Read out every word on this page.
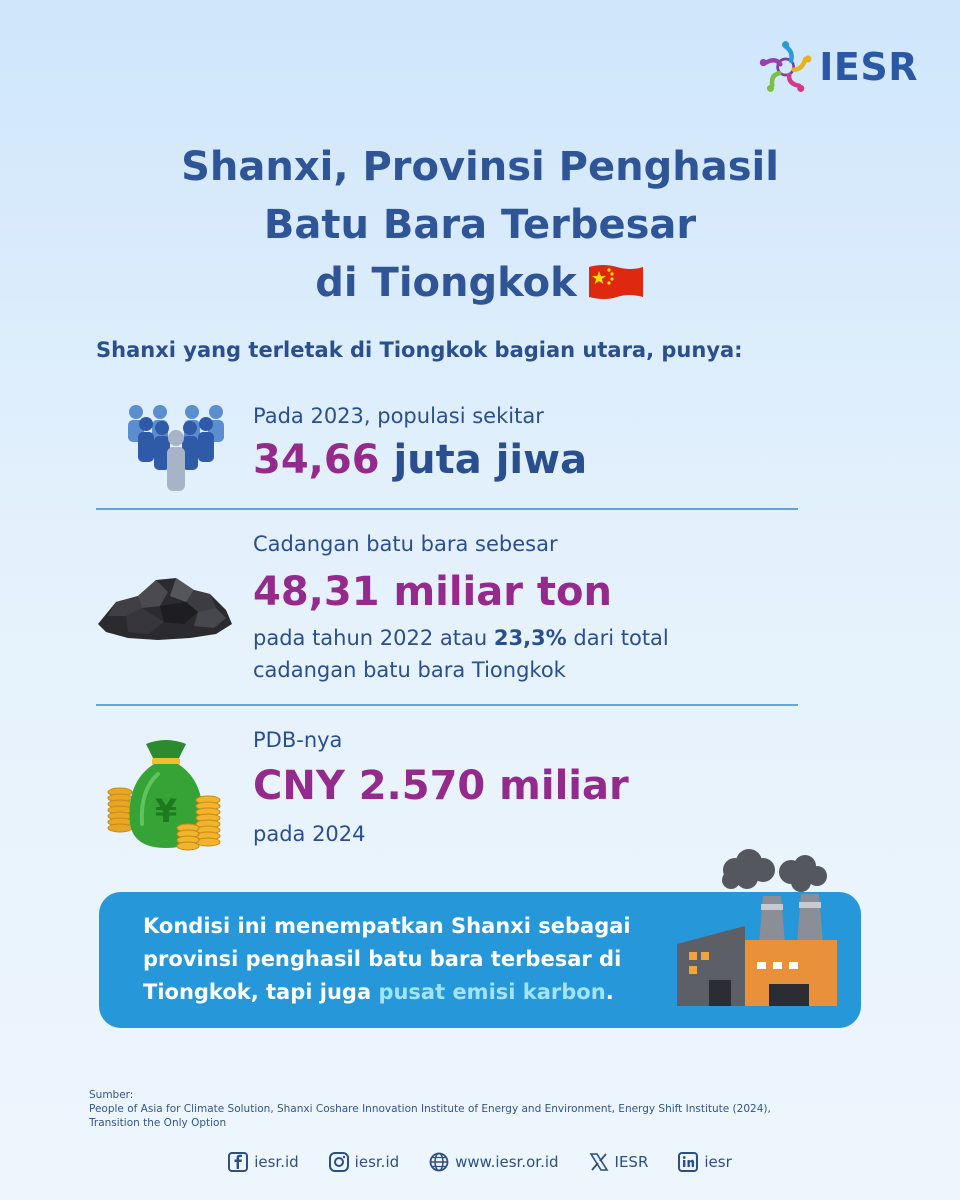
IESR
Shanxi, Provinsi Penghasil
Batu Bara Terbesar
di Tiongkok
Shanxi yang terletak di Tiongkok bagian utara, punya:
Pada 2023, populasi sekitar
34,66 juta jiwa
Cadangan batu bara sebesar
48,31 miliar ton
pada tahun 2022 atau 23,3% dari total
cadangan batu bara Tiongkok
¥
PDB-nya
CNY 2.570 miliar
pada 2024
Kondisi ini menempatkan Shanxi sebagai
provinsi penghasil batu bara terbesar di
Tiongkok, tapi juga pusat emisi karbon.
Sumber:
People of Asia for Climate Solution, Shanxi Coshare Innovation Institute of Energy and Environment, Energy Shift Institute (2024),
Transition the Only Option
iesr.id	iesr.id	www.iesr.or.id	IESR	iesr
